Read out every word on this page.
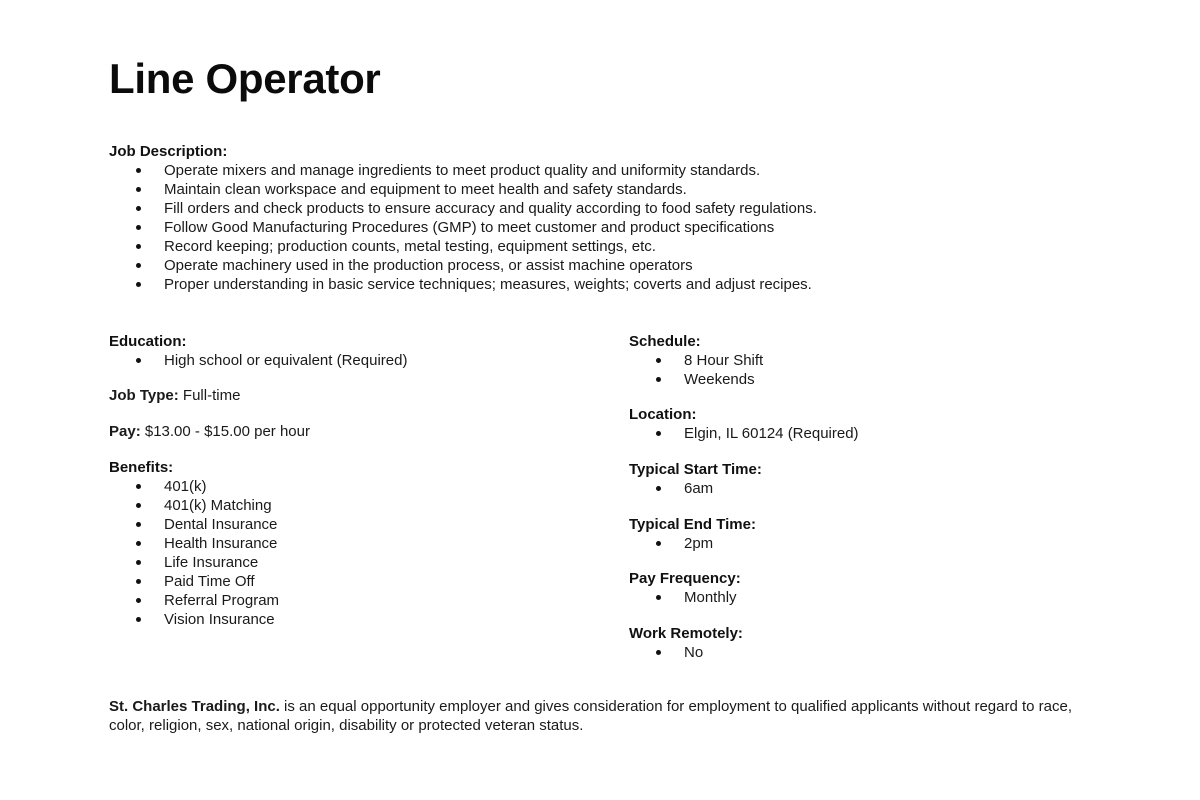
Line Operator
Job Description:
Operate mixers and manage ingredients to meet product quality and uniformity standards.
Maintain clean workspace and equipment to meet health and safety standards.
Fill orders and check products to ensure accuracy and quality according to food safety regulations.
Follow Good Manufacturing Procedures (GMP) to meet customer and product specifications
Record keeping; production counts, metal testing, equipment settings, etc.
Operate machinery used in the production process, or assist machine operators
Proper understanding in basic service techniques; measures, weights; coverts and adjust recipes.
Education:
High school or equivalent (Required)
Job Type: Full-time
Pay: $13.00 - $15.00 per hour
Benefits:
401(k)
401(k) Matching
Dental Insurance
Health Insurance
Life Insurance
Paid Time Off
Referral Program
Vision Insurance
Schedule:
8 Hour Shift
Weekends
Location:
Elgin, IL 60124 (Required)
Typical Start Time:
6am
Typical End Time:
2pm
Pay Frequency:
Monthly
Work Remotely:
No
St. Charles Trading, Inc. is an equal opportunity employer and gives consideration for employment to qualified applicants without regard to race, color, religion, sex, national origin, disability or protected veteran status.
